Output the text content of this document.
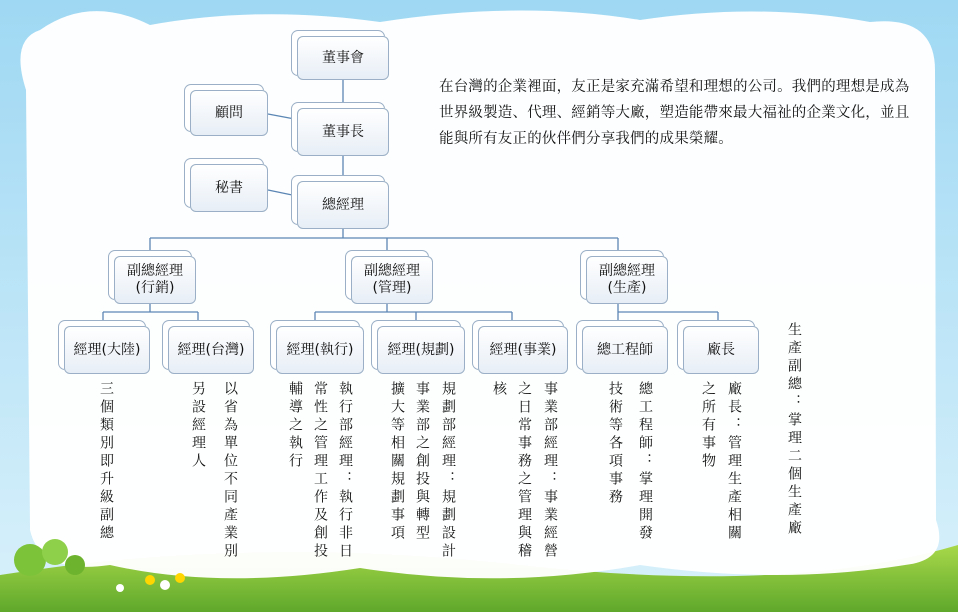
在台灣的企業裡面，友正是家充滿希望和理想的公司。我們的理想是成為世界級製造、代理、經銷等大廠，塑造能帶來最大福祉的企業文化，並且能與所有友正的伙伴們分享我們的成果榮耀。
董事會
顧問
董事長
秘書
總經理
副總經理
(行銷)
副總經理
(管理)
副總經理
(生產)
經理(大陸)	經理(台灣)	經理(執行) 經理(規劃)	經理(事業)	總工程師	廠長
三個類別即升級副總	以省為單位不同產業別
另設經理人	執行部經理：執行非日
常性之管理工作及創投
輔導之執行	規劃部經理：規劃設計
事業部之創投與轉型
擴大等相關規劃事項	事業部經理：事業經營
之日常事務之管理與稽
核	總工程師：掌理開發
技術等各項事務	廠長：管理生產相關
之所有事物	生產副總：掌理二個生產廠
